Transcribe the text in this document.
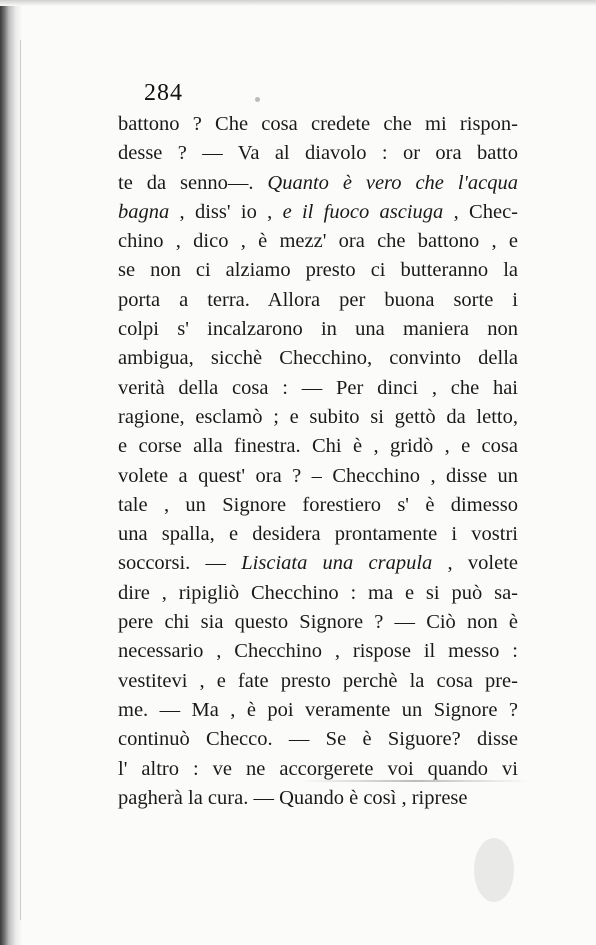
284
battono ? Che cosa credete che mi rispon-
desse ? — Va al diavolo : or ora batto
te da senno—. Quanto è vero che l'acqua
bagna , diss' io , e il fuoco asciuga , Chec-
chino , dico , è mezz' ora che battono , e
se non ci alziamo presto ci butteranno la
porta a terra. Allora per buona sorte i
colpi s' incalzarono in una maniera non
ambigua, sicchè Checchino, convinto della
verità della cosa : — Per dinci , che hai
ragione, esclamò ; e subito si gettò da letto,
e corse alla finestra. Chi è , gridò , e cosa
volete a quest' ora ? – Checchino , disse un
tale , un Signore forestiero s' è dimesso
una spalla, e desidera prontamente i vostri
soccorsi. — Lisciata una crapula , volete
dire , ripigliò Checchino : ma e si può sa-
pere chi sia questo Signore ? — Ciò non è
necessario , Checchino , rispose il messo :
vestitevi , e fate presto perchè la cosa pre-
me. — Ma , è poi veramente un Signore ?
continuò Checco. — Se è Siguore? disse
l' altro : ve ne accorgerete voi quando vi
pagherà la cura. — Quando è così , riprese
